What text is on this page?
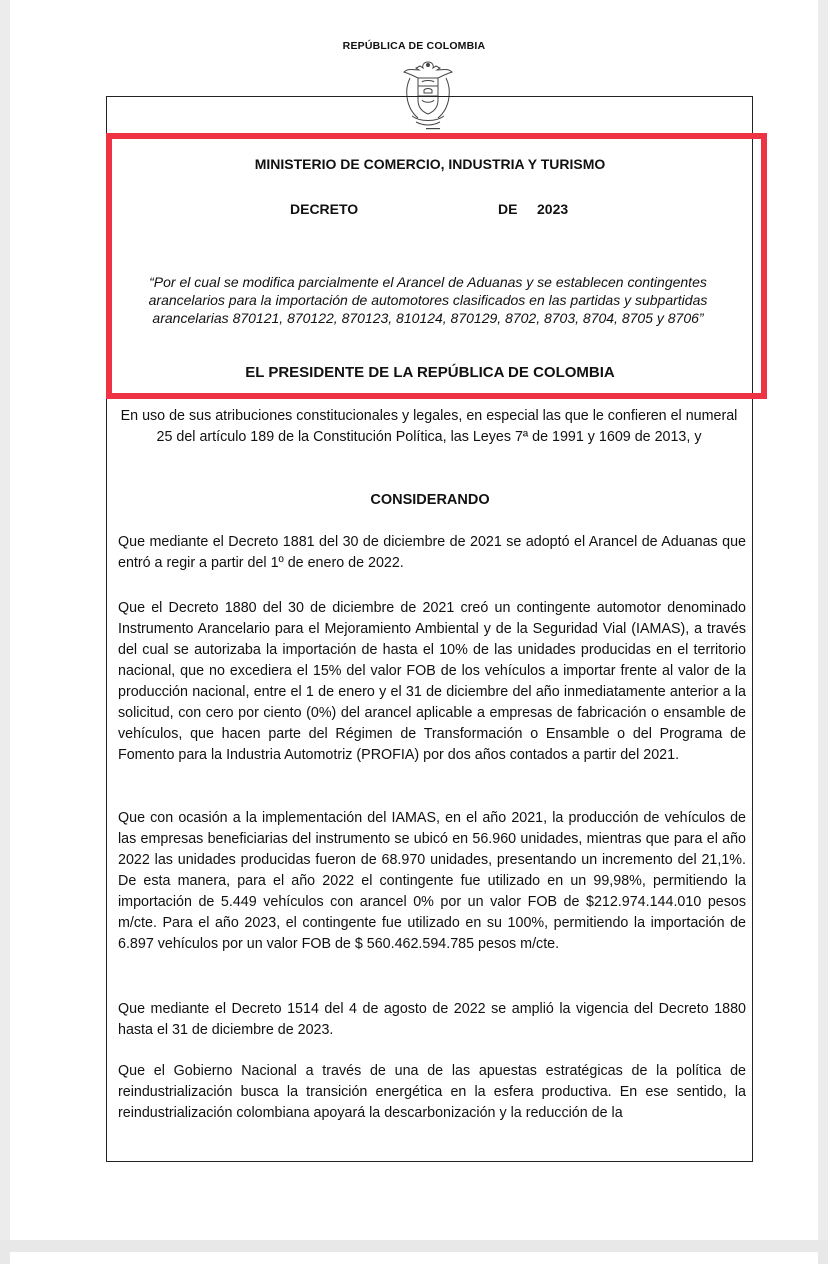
REPÚBLICA DE COLOMBIA
MINISTERIO DE COMERCIO, INDUSTRIA Y TURISMO
DECRETO	DE 2023
“Por el cual se modifica parcialmente el Arancel de Aduanas y se establecen contingentes arancelarios para la importación de automotores clasificados en las partidas y subpartidas arancelarias 870121, 870122, 870123, 810124, 870129, 8702, 8703, 8704, 8705 y 8706”
EL PRESIDENTE DE LA REPÚBLICA DE COLOMBIA
En uso de sus atribuciones constitucionales y legales, en especial las que le confieren el numeral 25 del artículo 189 de la Constitución Política, las Leyes 7ª de 1991 y 1609 de 2013, y
CONSIDERANDO
Que mediante el Decreto 1881 del 30 de diciembre de 2021 se adoptó el Arancel de Aduanas que entró a regir a partir del 1º de enero de 2022.
Que el Decreto 1880 del 30 de diciembre de 2021 creó un contingente automotor denominado Instrumento Arancelario para el Mejoramiento Ambiental y de la Seguridad Vial (IAMAS), a través del cual se autorizaba la importación de hasta el 10% de las unidades producidas en el territorio nacional, que no excediera el 15% del valor FOB de los vehículos a importar frente al valor de la producción nacional, entre el 1 de enero y el 31 de diciembre del año inmediatamente anterior a la solicitud, con cero por ciento (0%) del arancel aplicable a empresas de fabricación o ensamble de vehículos, que hacen parte del Régimen de Transformación o Ensamble o del Programa de Fomento para la Industria Automotriz (PROFIA) por dos años contados a partir del 2021.
Que con ocasión a la implementación del IAMAS, en el año 2021, la producción de vehículos de las empresas beneficiarias del instrumento se ubicó en 56.960 unidades, mientras que para el año 2022 las unidades producidas fueron de 68.970 unidades, presentando un incremento del 21,1%. De esta manera, para el año 2022 el contingente fue utilizado en un 99,98%, permitiendo la importación de 5.449 vehículos con arancel 0% por un valor FOB de $212.974.144.010 pesos m/cte. Para el año 2023, el contingente fue utilizado en su 100%, permitiendo la importación de 6.897 vehículos por un valor FOB de $ 560.462.594.785 pesos m/cte.
Que mediante el Decreto 1514 del 4 de agosto de 2022 se amplió la vigencia del Decreto 1880 hasta el 31 de diciembre de 2023.
Que el Gobierno Nacional a través de una de las apuestas estratégicas de la política de reindustrialización busca la transición energética en la esfera productiva. En ese sentido, la reindustrialización colombiana apoyará la descarbonización y la reducción de la
